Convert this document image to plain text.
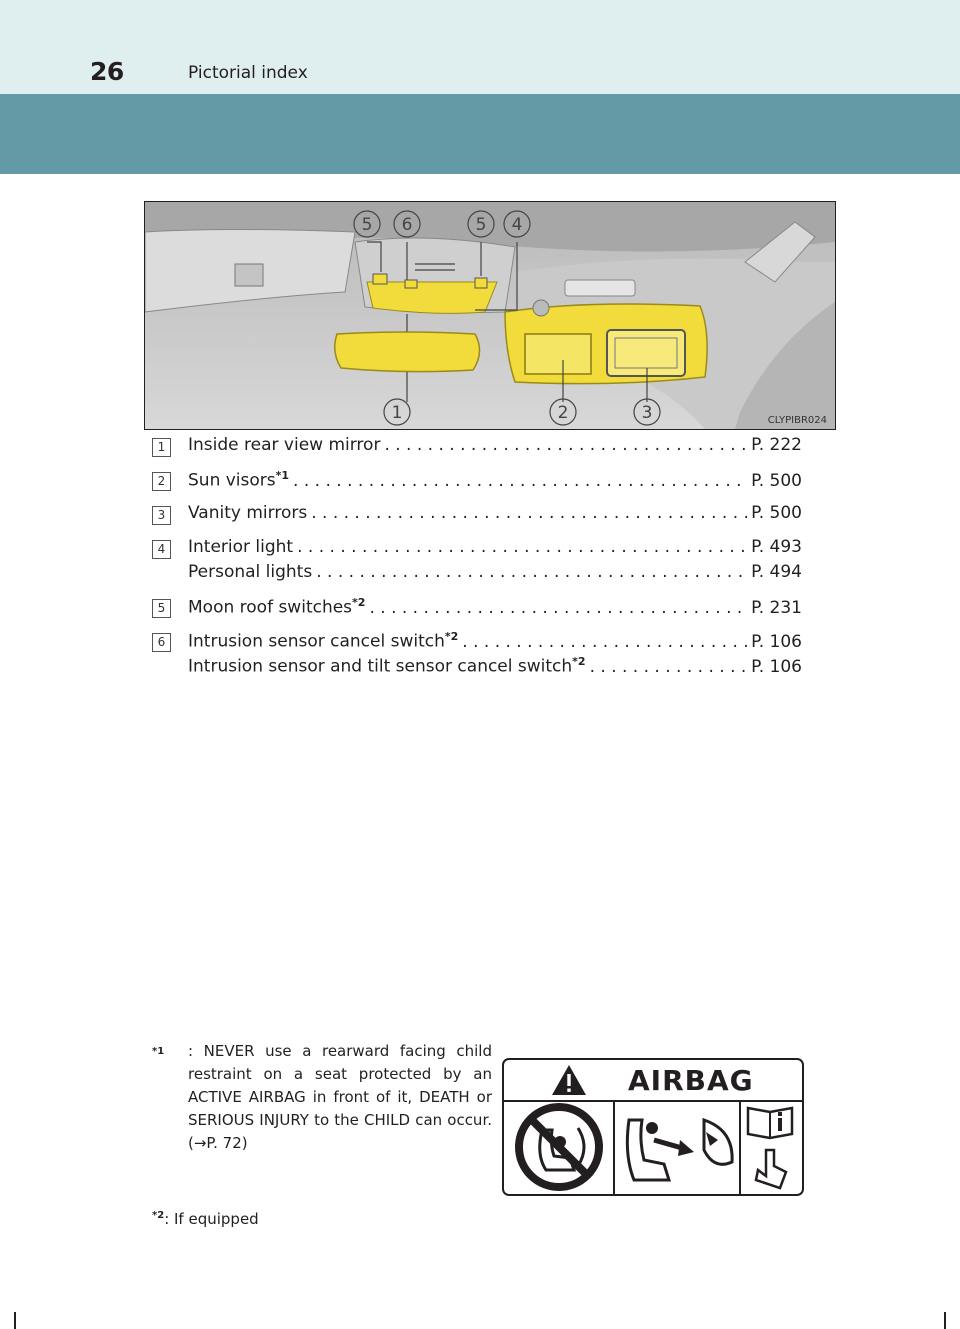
26	Pictorial index
5 6	5 4
1	2	3	CLYPIBR024
1	Inside rear view mirror . . .	P. 222
2	Sun visors$^{*1}$ . . .	P. 500
3	Vanity mirrors . . .	P. 500
4	Interior light . . .	P. 493
Personal lights . . .	P. 494
5	Moon roof switches$^{*2}$ . . .	P. 231
6	Intrusion sensor cancel switch$^{*2}$ . . .	P. 106
Intrusion sensor and tilt sensor cancel switch$^{*2}$ . . .	P. 106
$^{*1}$ : NEVER use a rearward facing child restraint on a seat protected by an ACTIVE AIRBAG in front of it, DEATH or SERIOUS INJURY to the CHILD can occur. (→P. 72)
$^{*2}$: If equipped
AIRBAG
